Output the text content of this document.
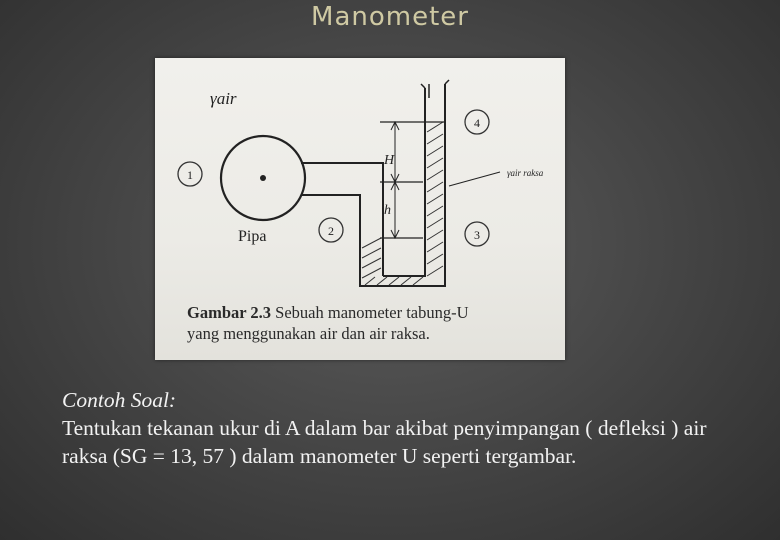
Manometer
γair
γair raksa
Pipa
H
h
1
2	3
4
Gambar 2.3 Sebuah manometer tabung-U
yang menggunakan air dan air raksa.
Contoh Soal:
Tentukan tekanan ukur di A dalam bar akibat penyimpangan ( defleksi ) air raksa (SG = 13, 57 ) dalam manometer U seperti tergambar.
